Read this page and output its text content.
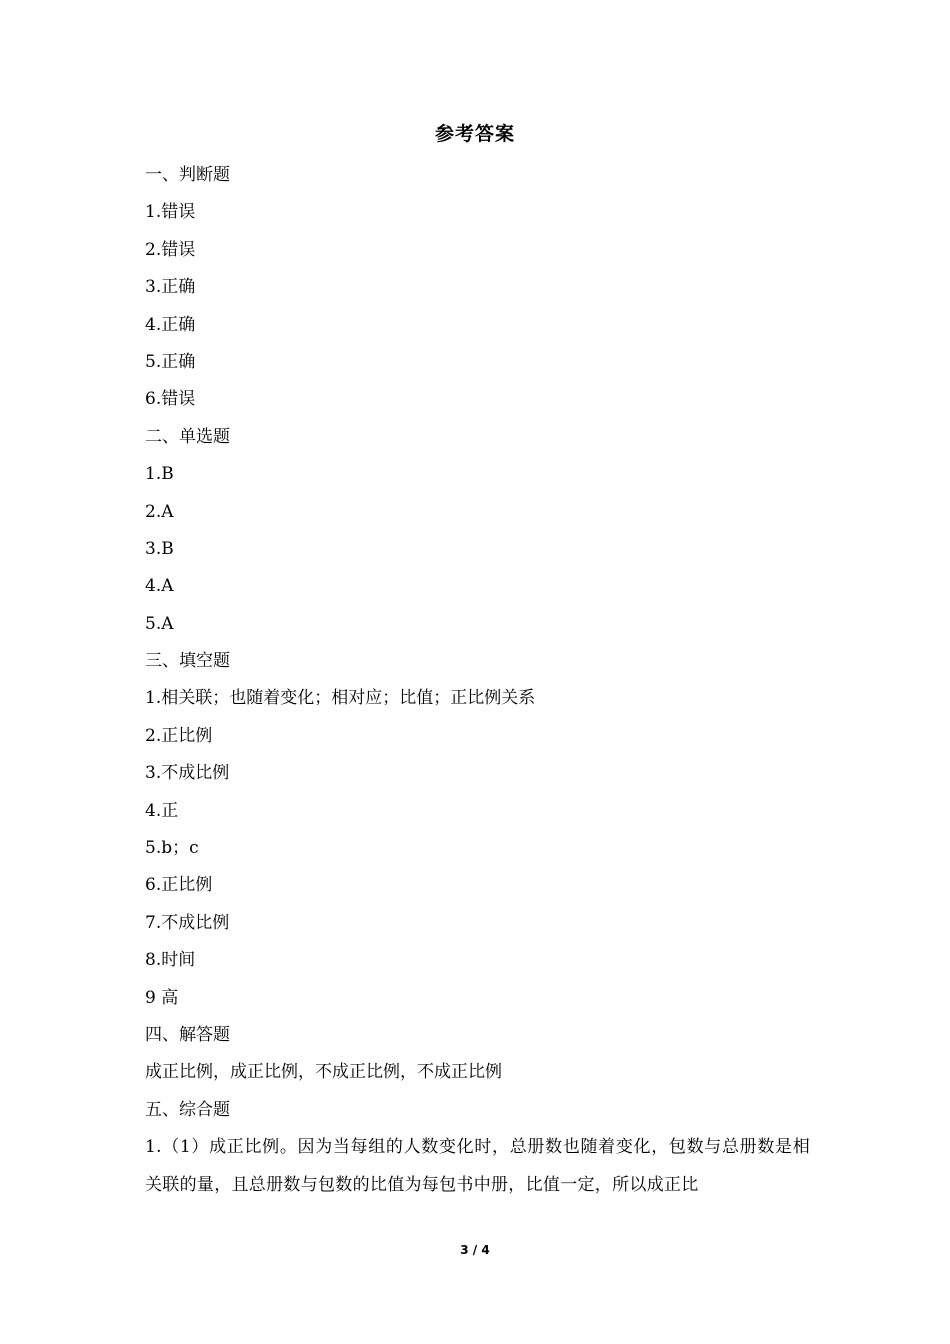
参考答案
一、判断题
1.错误
2.错误
3.正确
4.正确
5.正确
6.错误
二、单选题
1.B
2.A
3.B
4.A
5.A
三、填空题
1.相关联；也随着变化；相对应；比值；正比例关系
2.正比例
3.不成比例
4.正
5.b；c
6.正比例
7.不成比例
8.时间
9 高
四、解答题
成正比例，成正比例，不成正比例，不成正比例
五、综合题
1.（1）成正比例。因为当每组的人数变化时，总册数也随着变化，包数与总册数是相关联的量，且总册数与包数的比值为每包书中册，比值一定，所以成正比
3 / 4
